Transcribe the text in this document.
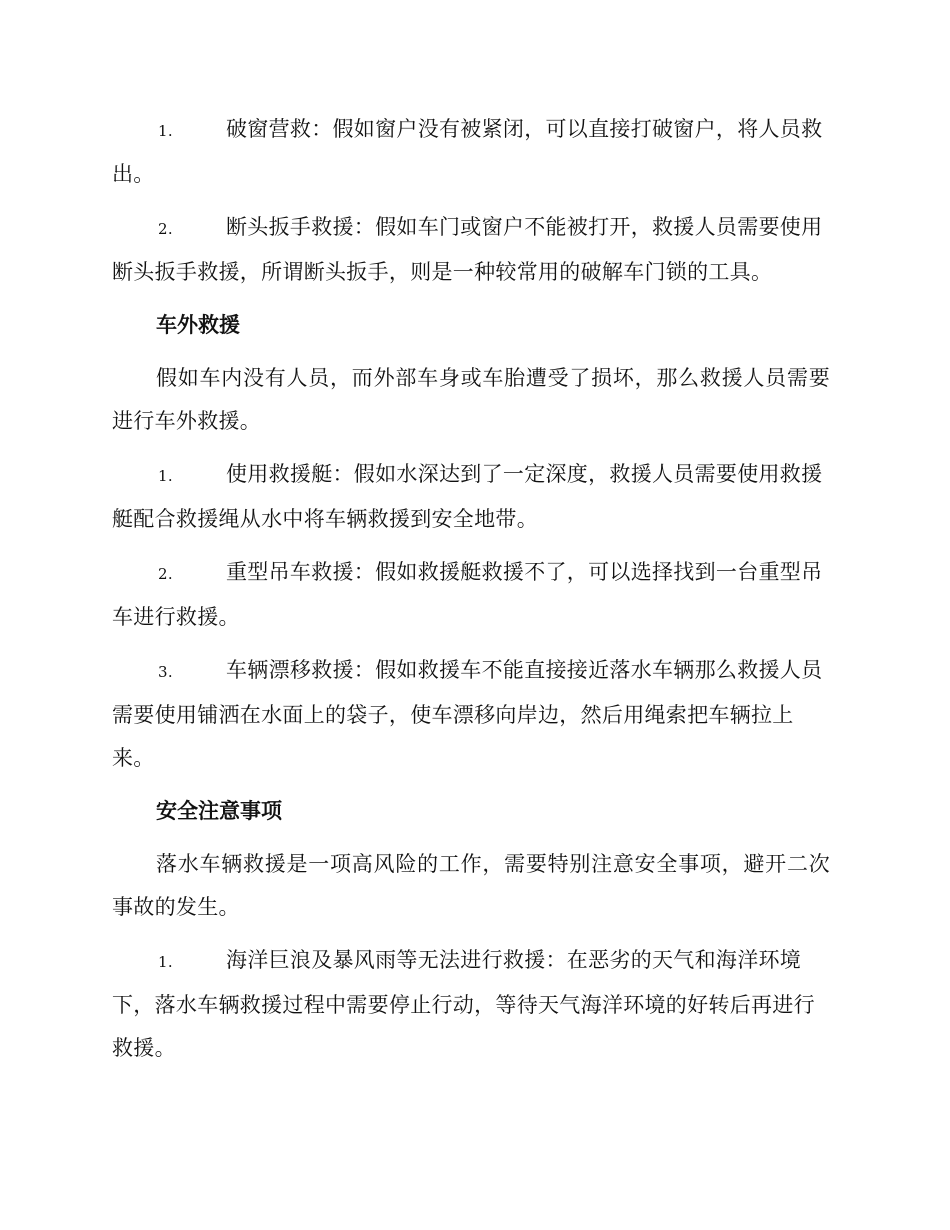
1.	破窗营救：假如窗户没有被紧闭，可以直接打破窗户，将人员救出。

2.	断头扳手救援：假如车门或窗户不能被打开，救援人员需要使用断头扳手救援，所谓断头扳手，则是一种较常用的破解车门锁的工具。

车外救援

假如车内没有人员，而外部车身或车胎遭受了损坏，那么救援人员需要进行车外救援。

1.	使用救援艇：假如水深达到了一定深度，救援人员需要使用救援艇配合救援绳从水中将车辆救援到安全地带。

2.	重型吊车救援：假如救援艇救援不了，可以选择找到一台重型吊车进行救援。

3.	车辆漂移救援：假如救援车不能直接接近落水车辆那么救援人员需要使用铺洒在水面上的袋子，使车漂移向岸边，然后用绳索把车辆拉上来。

安全注意事项

落水车辆救援是一项高风险的工作，需要特别注意安全事项，避开二次事故的发生。

1.	海洋巨浪及暴风雨等无法进行救援：在恶劣的天气和海洋环境下，落水车辆救援过程中需要停止行动，等待天气海洋环境的好转后再进行救援。
